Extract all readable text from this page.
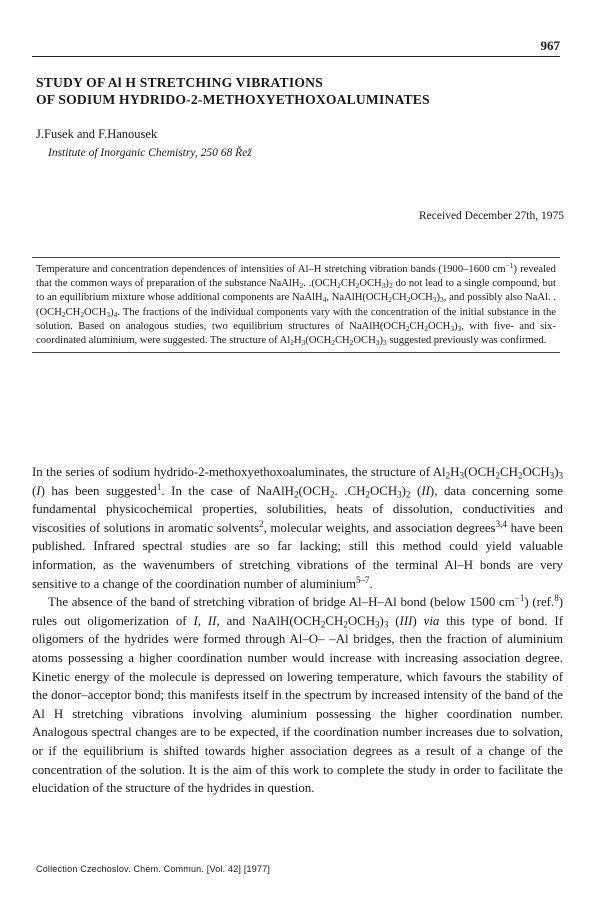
967
STUDY OF Al H STRETCHING VIBRATIONS
OF SODIUM HYDRIDO-2-METHOXYETHOXOALUMINATES
J.Fusek and F.Hanousek
Institute of Inorganic Chemistry, 250 68 Řež
Received December 27th, 1975
Temperature and concentration dependences of intensities of Al–H stretching vibration bands (1900–1600 $cm^{-1}$) revealed that the common ways of preparation of the substance NaAlH$_2$. $.(OCH_2CH_2OCH_3)_2$ do not lead to a single compound, but to an equilibrium mixture whose additional components are NaAlH$_4$, $NaAlH(OCH_2CH_2OCH_3)_3$, and possibly also NaAl. $.(OCH_2CH_2OCH_3)_4$. The fractions of the individual components vary with the concentration of the initial substance in the solution. Based on analogous studies, two equilibrium structures of $NaAlH(OCH_2CH_2OCH_3)_3$, with five- and six-coordinated aluminium, were suggested. The structure of $Al_2H_3(OCH_2CH_2OCH_3)_3$ suggested previously was confirmed.

In the series of sodium hydrido-2-methoxyethoxoaluminates, the structure of $Al_2H_3(OCH_2CH_2OCH_3)_3$ (I) has been suggested$^1$. In the case of $NaAlH_2(OCH_2$. $.CH_2OCH_3)_2$ (II), data concerning some fundamental physicochemical properties, solubilities, heats of dissolution, conductivities and viscosities of solutions in aromatic solvents$^2$, molecular weights, and association degrees$^{3,4}$ have been published. Infrared spectral studies are so far lacking; still this method could yield valuable information, as the wavenumbers of stretching vibrations of the terminal Al–H bonds are very sensitive to a change of the coordination number of aluminium$^{5-7}$.

The absence of the band of stretching vibration of bridge Al–H–Al bond (below 1500 $cm^{-1}$) (ref.$^8$) rules out oligomerization of I, II, and $NaAlH(OCH_2CH_2OCH_3)_3$ (III) via this type of bond. If oligomers of the hydrides were formed through Al–O– –Al bridges, then the fraction of aluminium atoms possessing a higher coordination number would increase with increasing association degree. Kinetic energy of the molecule is depressed on lowering temperature, which favours the stability of the donor–acceptor bond; this manifests itself in the spectrum by increased intensity of the band of the Al H stretching vibrations involving aluminium possessing the higher coordination number. Analogous spectral changes are to be expected, if the coordination number increases due to solvation, or if the equilibrium is shifted towards higher association degrees as a result of a change of the concentration of the solution. It is the aim of this work to complete the study in order to facilitate the elucidation of the structure of the hydrides in question.

Collection Czechoslov. Chem. Commun. [Vol. 42] [1977]
